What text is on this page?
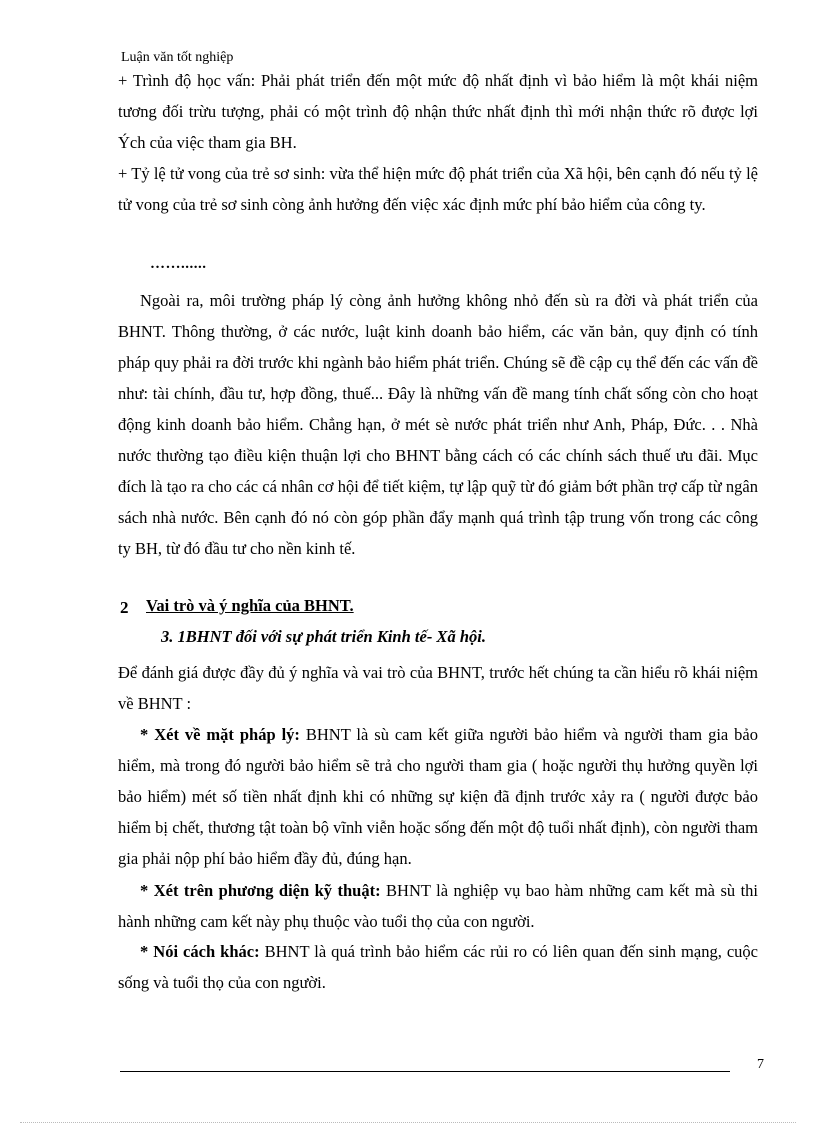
Luận văn tốt nghiệp

+ Trình độ học vấn: Phải phát triển đến một mức độ nhất định vì bảo hiểm là một khái niệm tương đối trừu tượng, phải có một trình độ nhận thức nhất định thì mới nhận thức rõ được lợi Ých của việc tham gia BH.

+ Tỷ lệ tử vong của trẻ sơ sinh: vừa thể hiện mức độ phát triển của Xã hội, bên cạnh đó nếu tỷ lệ tử vong của trẻ sơ sinh còng ảnh hưởng đến việc xác định mức phí bảo hiểm của công ty.

……......

Ngoài ra, môi trường pháp lý còng ảnh hưởng không nhỏ đến sù ra đời và phát triển của BHNT. Thông thường, ở các nước, luật kinh doanh bảo hiểm, các văn bản, quy định có tính pháp quy phải ra đời trước khi ngành bảo hiểm phát triển. Chúng sẽ đề cập cụ thể đến các vấn đề như: tài chính, đầu tư, hợp đồng, thuế... Đây là những vấn đề mang tính chất sống còn cho hoạt động kinh doanh bảo hiểm. Chẳng hạn, ở mét sè nước phát triển như Anh, Pháp, Đức. . . Nhà nước thường tạo điều kiện thuận lợi cho BHNT bằng cách có các chính sách thuế ưu đãi. Mục đích là tạo ra cho các cá nhân cơ hội để tiết kiệm, tự lập quỹ từ đó giảm bớt phần trợ cấp từ ngân sách nhà nước. Bên cạnh đó nó còn góp phần đẩy mạnh quá trình tập trung vốn trong các công ty BH, từ đó đầu tư cho nền kinh tế.

2 Vai trò và ý nghĩa của BHNT.
3. 1BHNT đối với sự phát triển Kinh tế- Xã hội.

Để đánh giá được đầy đủ ý nghĩa và vai trò của BHNT, trước hết chúng ta cần hiểu rõ khái niệm về BHNT :

* Xét về mặt pháp lý: BHNT là sù cam kết giữa người bảo hiểm và người tham gia bảo hiểm, mà trong đó người bảo hiểm sẽ trả cho người tham gia ( hoặc người thụ hưởng quyền lợi bảo hiểm) mét số tiền nhất định khi có những sự kiện đã định trước xảy ra ( người được bảo hiểm bị chết, thương tật toàn bộ vĩnh viễn hoặc sống đến một độ tuổi nhất định), còn người tham gia phải nộp phí bảo hiểm đầy đủ, đúng hạn.

* Xét trên phương diện kỹ thuật: BHNT là nghiệp vụ bao hàm những cam kết mà sù thi hành những cam kết này phụ thuộc vào tuổi thọ của con người.

* Nói cách khác: BHNT là quá trình bảo hiểm các rủi ro có liên quan đến sinh mạng, cuộc sống và tuổi thọ của con người.

7
